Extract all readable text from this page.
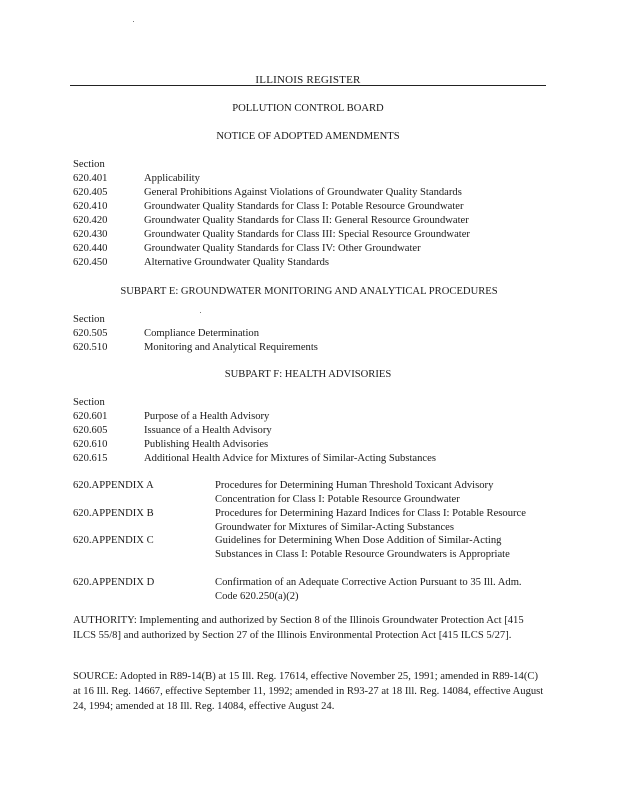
ILLINOIS REGISTER
POLLUTION CONTROL BOARD
NOTICE OF ADOPTED AMENDMENTS
Section
620.401	Applicability
620.405	General Prohibitions Against Violations of Groundwater Quality Standards
620.410	Groundwater Quality Standards for Class I: Potable Resource Groundwater
620.420	Groundwater Quality Standards for Class II: General Resource Groundwater
620.430	Groundwater Quality Standards for Class III: Special Resource Groundwater
620.440	Groundwater Quality Standards for Class IV: Other Groundwater
620.450	Alternative Groundwater Quality Standards
SUBPART E: GROUNDWATER MONITORING AND ANALYTICAL PROCEDURES
Section
620.505	Compliance Determination
620.510	Monitoring and Analytical Requirements
SUBPART F: HEALTH ADVISORIES
Section
620.601	Purpose of a Health Advisory
620.605	Issuance of a Health Advisory
620.610	Publishing Health Advisories
620.615	Additional Health Advice for Mixtures of Similar-Acting Substances
620.APPENDIX A	Procedures for Determining Human Threshold Toxicant Advisory Concentration for Class I: Potable Resource Groundwater
620.APPENDIX B	Procedures for Determining Hazard Indices for Class I: Potable Resource Groundwater for Mixtures of Similar-Acting Substances
620.APPENDIX C	Guidelines for Determining When Dose Addition of Similar-Acting Substances in Class I: Potable Resource Groundwaters is Appropriate
620.APPENDIX D	Confirmation of an Adequate Corrective Action Pursuant to 35 Ill. Adm. Code 620.250(a)(2)
AUTHORITY: Implementing and authorized by Section 8 of the Illinois Groundwater Protection Act [415 ILCS 55/8] and authorized by Section 27 of the Illinois Environmental Protection Act [415 ILCS 5/27].
SOURCE: Adopted in R89-14(B) at 15 Ill. Reg. 17614, effective November 25, 1991; amended in R89-14(C) at 16 Ill. Reg. 14667, effective September 11, 1992; amended in R93-27 at 18 Ill. Reg. 14084, effective August 24, 1994; amended at 18 Ill. Reg. 14084, effective August 24.
